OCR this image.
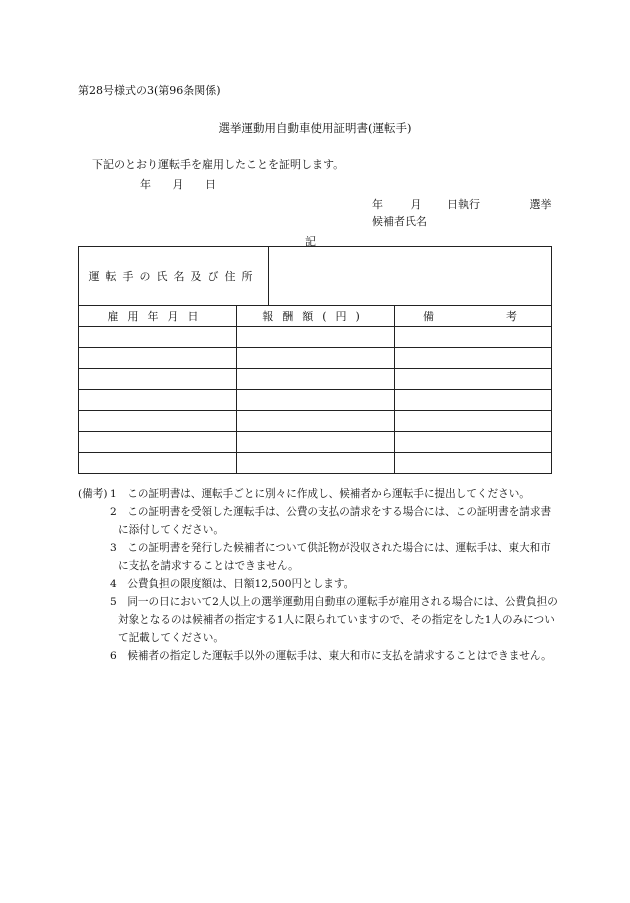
第28号様式の3(第96条関係)
選挙運動用自動車使用証明書(運転手)
下記のとおり運転手を雇用したことを証明します。
年 月 日
年	月 日執行	選挙
候補者氏名
記
運転手の氏名及び住所			
雇用年月日	報酬額(円)		備 考

(備考) 1　この証明書は、運転手ごとに別々に作成し、候補者から運転手に提出してください。
2　この証明書を受領した運転手は、公費の支払の請求をする場合には、この証明書を請求書に添付してください。
3　この証明書を発行した候補者について供託物が没収された場合には、運転手は、東大和市に支払を請求することはできません。
4　公費負担の限度額は、日額12,500円とします。
5　同一の日において2人以上の選挙運動用自動車の運転手が雇用される場合には、公費負担の対象となるのは候補者の指定する1人に限られていますので、その指定をした1人のみについて記載してください。
6　候補者の指定した運転手以外の運転手は、東大和市に支払を請求することはできません。
